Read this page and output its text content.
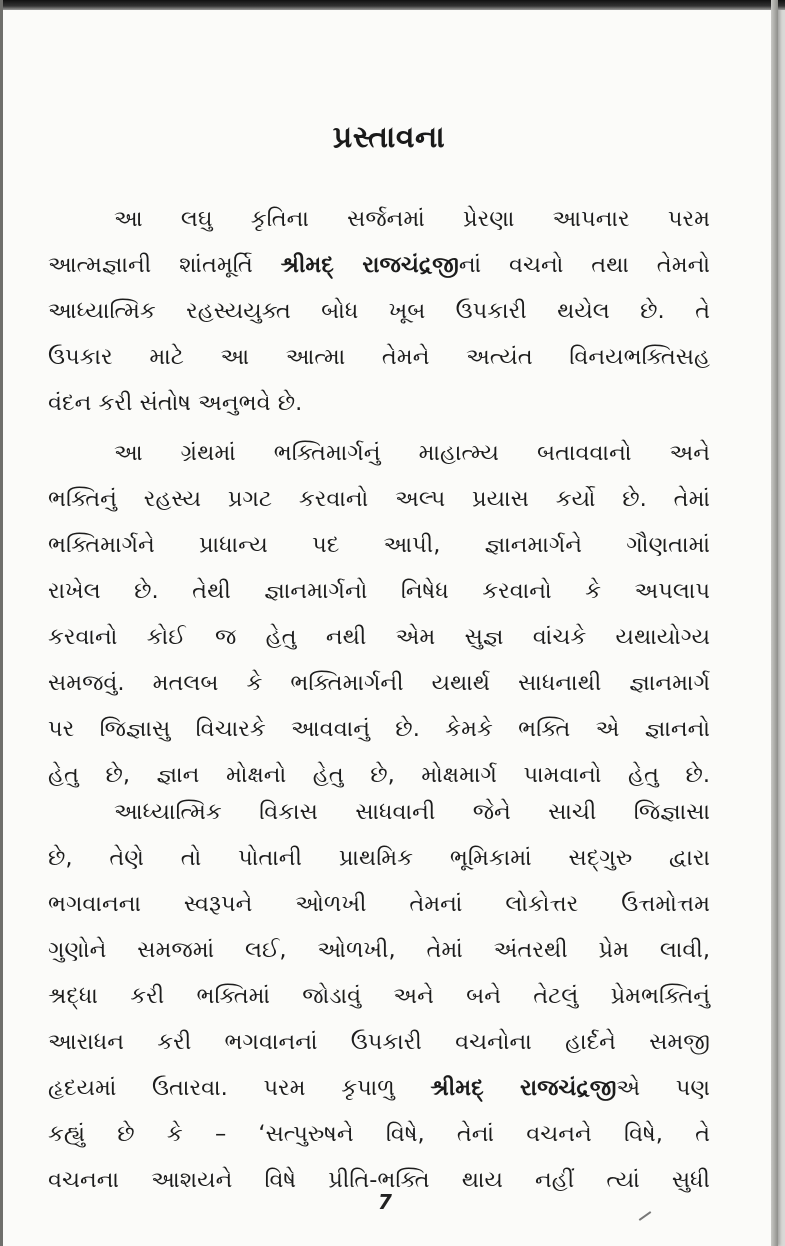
પ્રસ્તાવના
આ લઘુ કૃતિના સર્જનમાં પ્રેરણા આપનાર પરમ
આત્મજ્ઞાની શાંતમૂર્તિ શ્રીમદ્ રાજચંદ્રજીનાં વચનો તથા તેમનો
આધ્યાત્મિક રહસ્યયુક્ત બોધ ખૂબ ઉપકારી થયેલ છે. તે
ઉપકાર માટે આ આત્મા તેમને અત્યંત વિનયભક્તિસહ
વંદન કરી સંતોષ અનુભવે છે.
આ ગ્રંથમાં ભક્તિમાર્ગનું માહાત્મ્ય બતાવવાનો અને
ભક્તિનું રહસ્ય પ્રગટ કરવાનો અલ્પ પ્રયાસ કર્યો છે. તેમાં
ભક્તિમાર્ગને પ્રાધાન્ય પદ આપી, જ્ઞાનમાર્ગને ગૌણતામાં
રાખેલ છે. તેથી જ્ઞાનમાર્ગનો નિષેધ કરવાનો કે અપલાપ
કરવાનો કોઈ જ હેતુ નથી એમ સુજ્ઞ વાંચકે યથાયોગ્ય
સમજવું. મતલબ કે ભક્તિમાર્ગની યથાર્થ સાધનાથી જ્ઞાનમાર્ગ
પર જિજ્ઞાસુ વિચારકે આવવાનું છે. કેમકે ભક્તિ એ જ્ઞાનનો
હેતુ છે, જ્ઞાન મોક્ષનો હેતુ છે, મોક્ષમાર્ગ પામવાનો હેતુ છે.
આધ્યાત્મિક વિકાસ સાધવાની જેને સાચી જિજ્ઞાસા
છે, તેણે તો પોતાની પ્રાથમિક ભૂમિકામાં સદ્ગુરુ દ્વારા
ભગવાનના સ્વરૂપને ઓળખી તેમનાં લોકોત્તર ઉત્તમોત્તમ
ગુણોને સમજમાં લઈ, ઓળખી, તેમાં અંતરથી પ્રેમ લાવી,
શ્રદ્ધા કરી ભક્તિમાં જોડાવું અને બને તેટલું પ્રેમભક્તિનું
આરાધન કરી ભગવાનનાં ઉપકારી વચનોના હાર્દને સમજી
હૃદયમાં ઉતારવા. પરમ કૃપાળુ શ્રીમદ્ રાજચંદ્રજીએ પણ
કહ્યું છે કે – ‘સત્પુરુષને વિષે, તેનાં વચનને વિષે, તે
વચનના આશયને વિષે પ્રીતિ-ભક્તિ થાય નહીં ત્યાં સુધી
7
